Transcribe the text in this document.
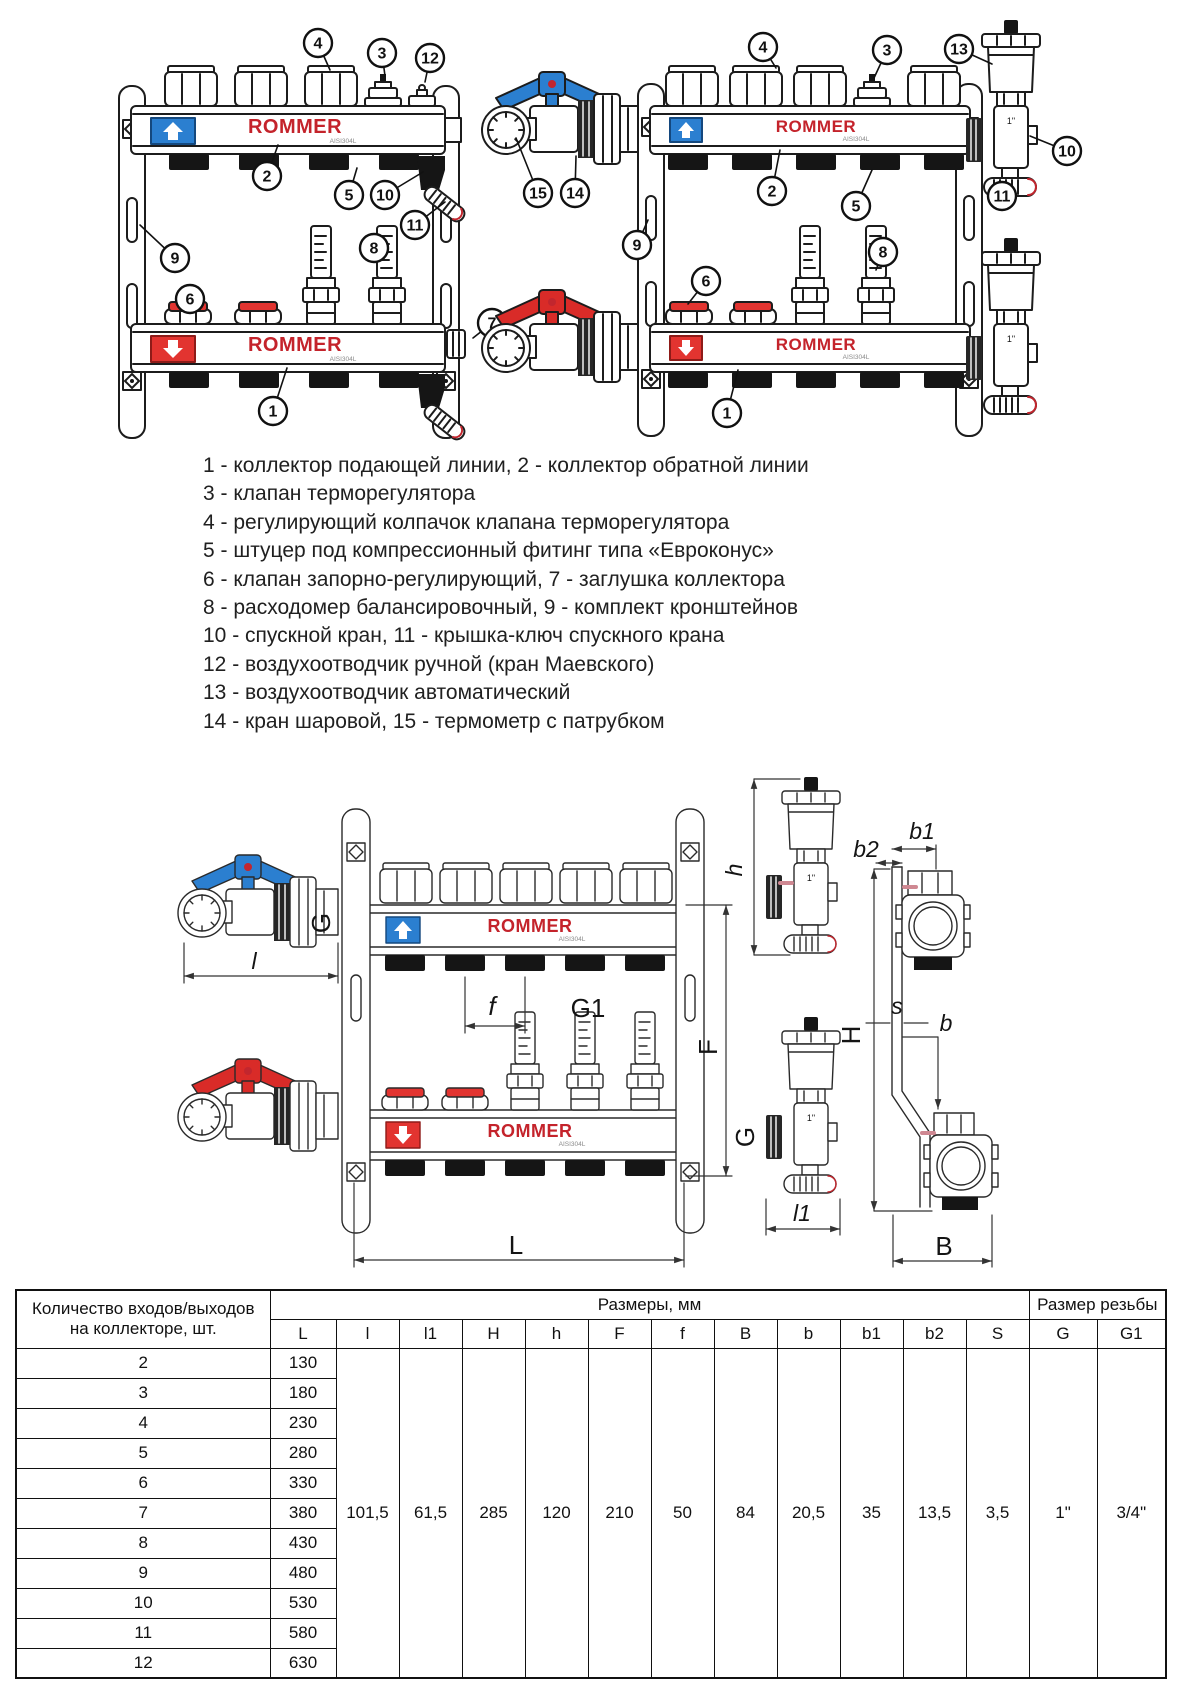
ROMMER
AISI304L
ROMMER
AISI304L
4
3 12
2
5 10
11
9
6
8
7
1
ROMMER
AISI304L
ROMMER
AISI304L
4	3	13
15 14	2
5
10
11
9
6
8
1
1 - коллектор подающей линии, 2 - коллектор обратной линии
3 - клапан терморегулятора
4 - регулирующий колпачок клапана терморегулятора
5 - штуцер под компрессионный фитинг типа «Евроконус»
6 - клапан запорно-регулирующий, 7 - заглушка коллектора
8 - расходомер балансировочный, 9 - комплект кронштейнов
10 - спускной кран, 11 - крышка-ключ спускного крана
12 - воздухоотводчик ручной (кран Маевского)
13 - воздухоотводчик автоматический
14 - кран шаровой, 15 - термометр с патрубком
G
l
ROMMER
AISI304L
ROMMER
AISI304L
f	G1
L
F
h
G
l1
b1
b2
s
H	b
B
Количество входов/выходов на коллекторе, шт.	Размеры, мм												Размер резьбы	
	L	l	l1	H	h	F	f	B	b	b1	b2	S	G	G1
2	130	101,5	61,5	285	120	210	50	84	20,5	35	13,5	3,5	1"	3/4"
3	180													
4	230													
5	280													
6	330													
7	380													
8	430													
9	480													
10	530													
11	580													
12	630													
